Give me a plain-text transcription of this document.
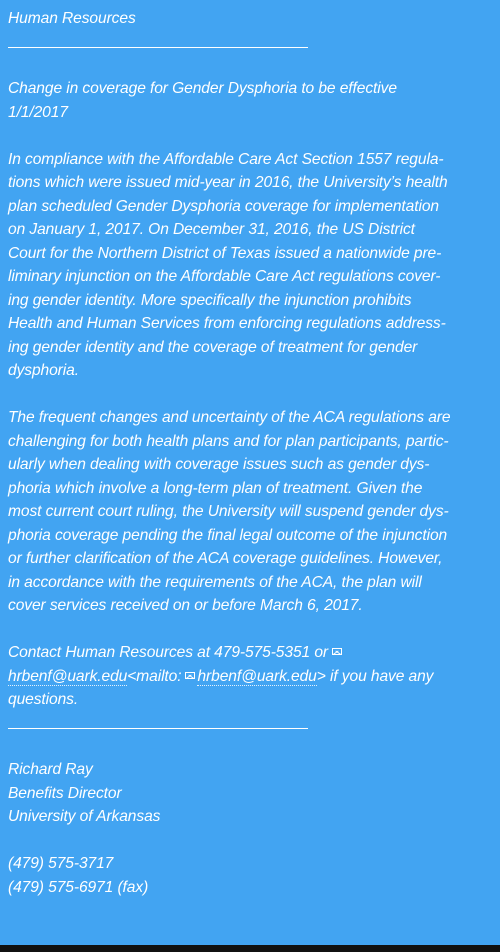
Human Resources
Change in coverage for Gender Dysphoria to be effective
1/1/2017
In compliance with the Affordable Care Act Section 1557 regula-
tions which were issued mid-year in 2016, the University’s health
plan scheduled Gender Dysphoria coverage for implementation
on January 1, 2017. On December 31, 2016, the US District
Court for the Northern District of Texas issued a nationwide pre-
liminary injunction on the Affordable Care Act regulations cover-
ing gender identity. More specifically the injunction prohibits
Health and Human Services from enforcing regulations address-
ing gender identity and the coverage of treatment for gender
dysphoria.
The frequent changes and uncertainty of the ACA regulations are
challenging for both health plans and for plan participants, partic-
ularly when dealing with coverage issues such as gender dys-
phoria which involve a long-term plan of treatment. Given the
most current court ruling, the University will suspend gender dys-
phoria coverage pending the final legal outcome of the injunction
or further clarification of the ACA coverage guidelines. However,
in accordance with the requirements of the ACA, the plan will
cover services received on or before March 6, 2017.
Contact Human Resources at 479-575-5351 or
hrbenf@uark.edu<mailto: hrbenf@uark.edu> if you have any
questions.
Richard Ray
Benefits Director
University of Arkansas
(479) 575-3717
(479) 575-6971 (fax)
